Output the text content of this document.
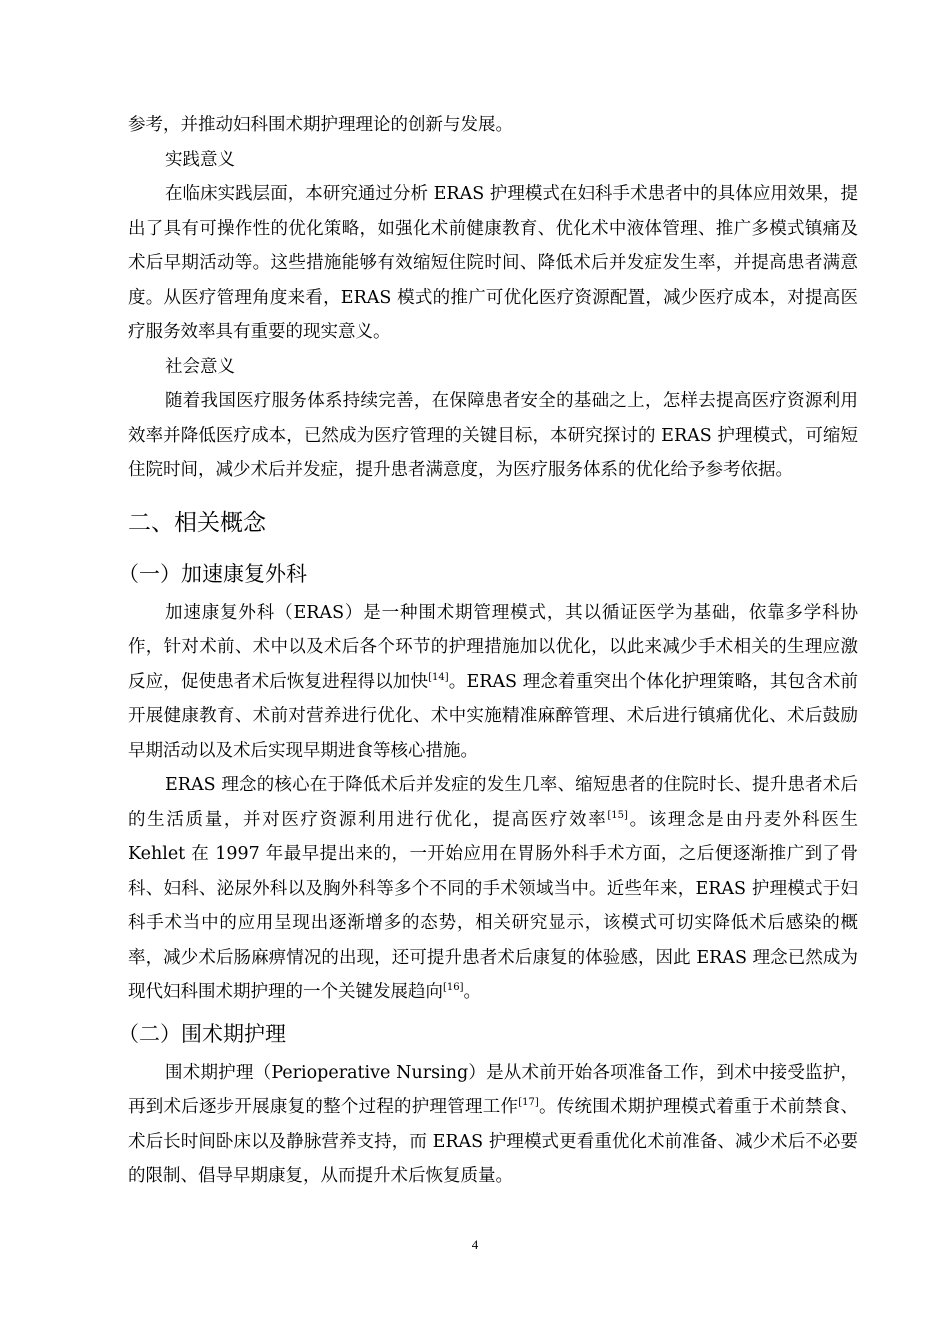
参考，并推动妇科围术期护理理论的创新与发展。

实践意义

在临床实践层面，本研究通过分析 ERAS 护理模式在妇科手术患者中的具体应用效果，提出了具有可操作性的优化策略，如强化术前健康教育、优化术中液体管理、推广多模式镇痛及术后早期活动等。这些措施能够有效缩短住院时间、降低术后并发症发生率，并提高患者满意度。从医疗管理角度来看，ERAS 模式的推广可优化医疗资源配置，减少医疗成本，对提高医疗服务效率具有重要的现实意义。

社会意义

随着我国医疗服务体系持续完善，在保障患者安全的基础之上，怎样去提高医疗资源利用效率并降低医疗成本，已然成为医疗管理的关键目标，本研究探讨的 ERAS 护理模式，可缩短住院时间，减少术后并发症，提升患者满意度，为医疗服务体系的优化给予参考依据。

二、相关概念
（一）加速康复外科

加速康复外科（ERAS）是一种围术期管理模式，其以循证医学为基础，依靠多学科协作，针对术前、术中以及术后各个环节的护理措施加以优化，以此来减少手术相关的生理应激反应，促使患者术后恢复进程得以加快[14]。ERAS 理念着重突出个体化护理策略，其包含术前开展健康教育、术前对营养进行优化、术中实施精准麻醉管理、术后进行镇痛优化、术后鼓励早期活动以及术后实现早期进食等核心措施。

ERAS 理念的核心在于降低术后并发症的发生几率、缩短患者的住院时长、提升患者术后的生活质量，并对医疗资源利用进行优化，提高医疗效率[15]。该理念是由丹麦外科医生 Kehlet 在 1997 年最早提出来的，一开始应用在胃肠外科手术方面，之后便逐渐推广到了骨科、妇科、泌尿外科以及胸外科等多个不同的手术领域当中。近些年来，ERAS 护理模式于妇科手术当中的应用呈现出逐渐增多的态势，相关研究显示，该模式可切实降低术后感染的概率，减少术后肠麻痹情况的出现，还可提升患者术后康复的体验感，因此 ERAS 理念已然成为现代妇科围术期护理的一个关键发展趋向[16]。

（二）围术期护理

围术期护理（Perioperative Nursing）是从术前开始各项准备工作，到术中接受监护，再到术后逐步开展康复的整个过程的护理管理工作[17]。传统围术期护理模式着重于术前禁食、术后长时间卧床以及静脉营养支持，而 ERAS 护理模式更看重优化术前准备、减少术后不必要的限制、倡导早期康复，从而提升术后恢复质量。

4
